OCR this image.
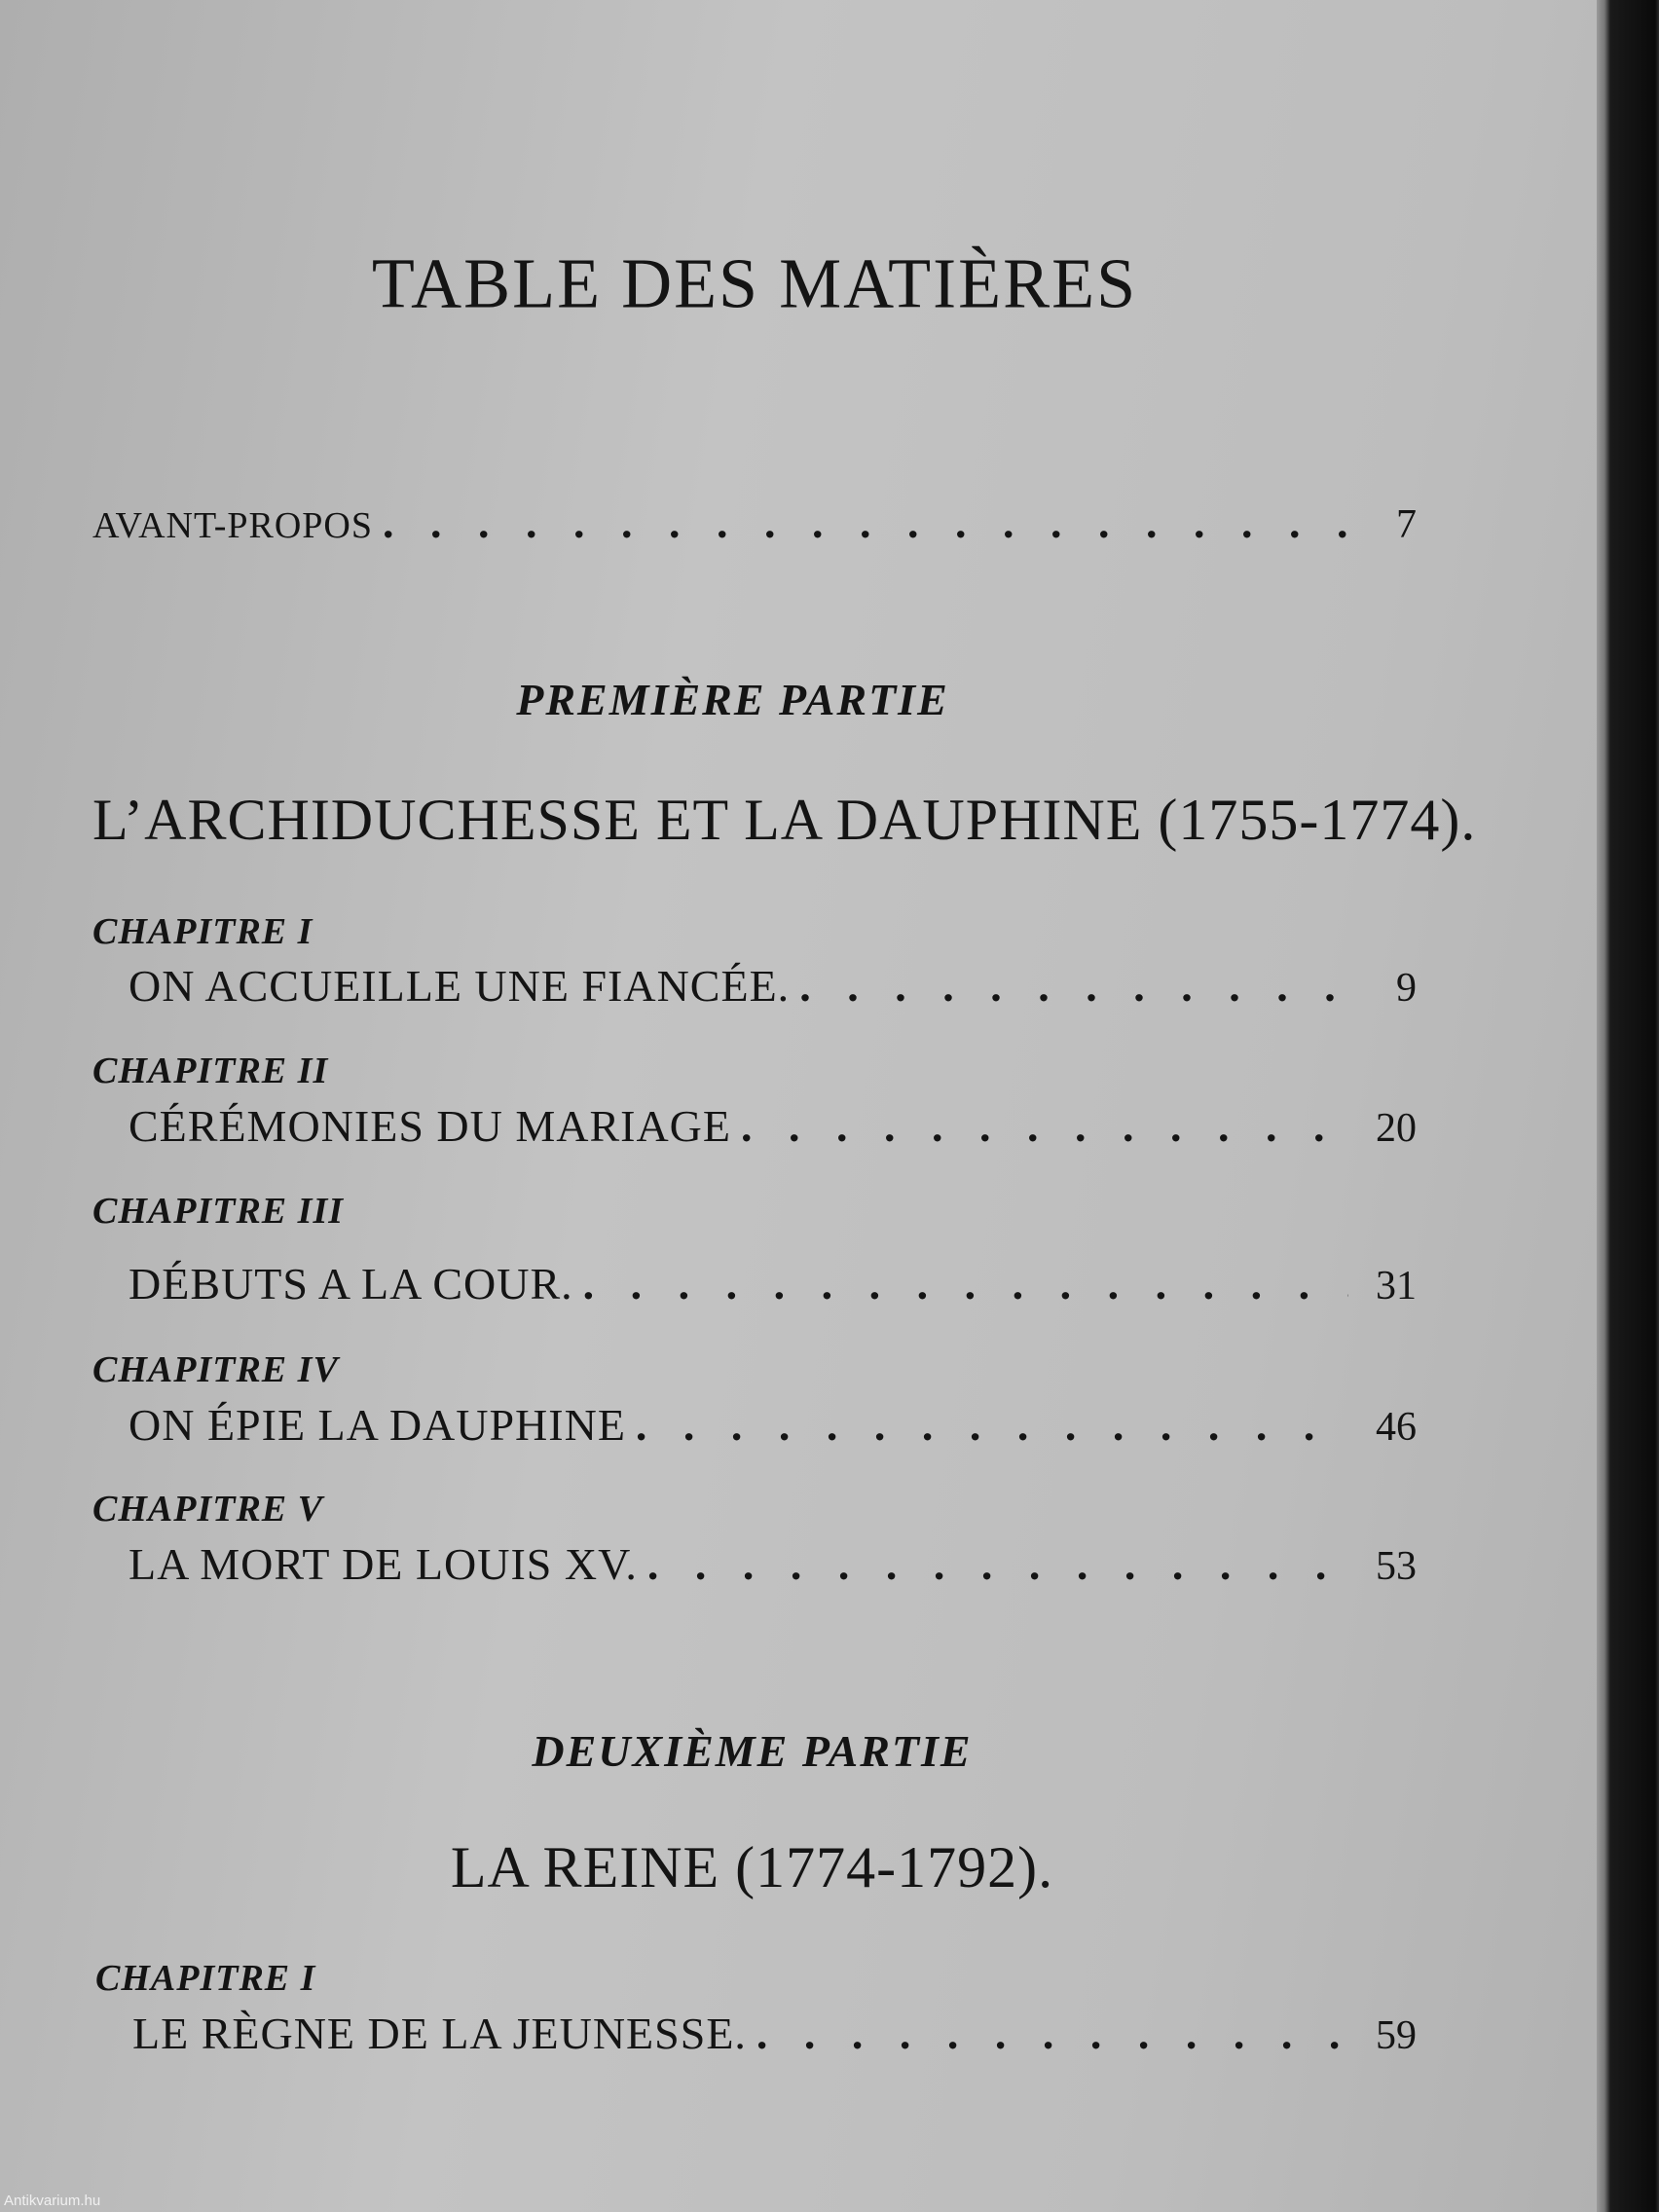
TABLE DES MATIÈRES
AVANT-PROPOS . . .	7
PREMIÈRE PARTIE
L’ARCHIDUCHESSE ET LA DAUPHINE (1755-1774).
CHAPITRE I
ON ACCUEILLE UNE FIANCÉE. . . .	9
CHAPITRE II
CÉRÉMONIES DU MARIAGE . . .	20
CHAPITRE III
DÉBUTS A LA COUR. . . .	31
CHAPITRE IV
ON ÉPIE LA DAUPHINE . . .	46
CHAPITRE V
LA MORT DE LOUIS XV. . . .	53
DEUXIÈME PARTIE
LA REINE (1774-1792).
CHAPITRE I
LE RÈGNE DE LA JEUNESSE. . . .	59
Antikvarium.hu
